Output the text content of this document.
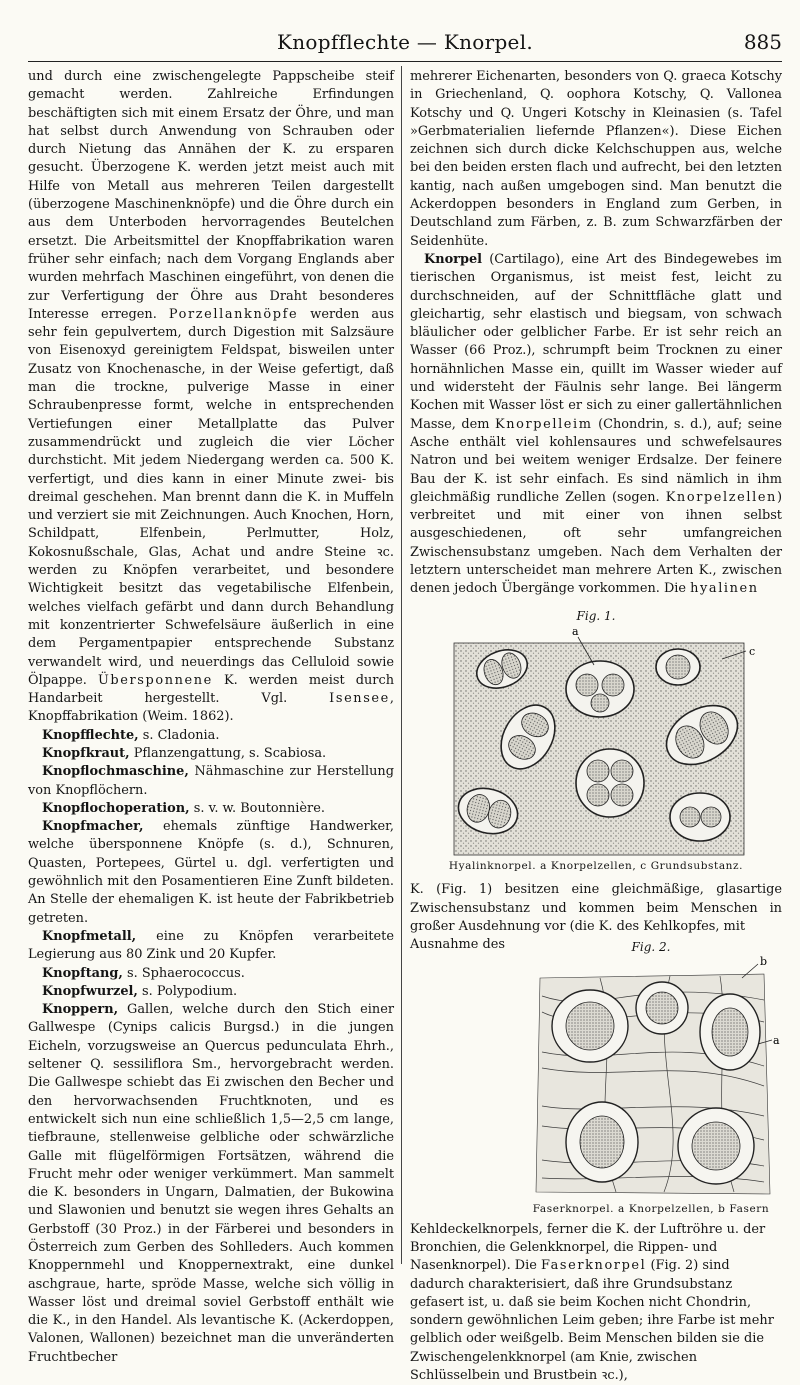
Knopfflechte — Knorpel.	885

und durch eine zwischengelegte Pappscheibe steif gemacht werden. Zahlreiche Erfindungen beschäftigten sich mit einem Ersatz der Öhre, und man hat selbst durch Anwendung von Schrauben oder durch Nietung das Annähen der K. zu ersparen gesucht. Überzogene K. werden jetzt meist auch mit Hilfe von Metall aus mehreren Teilen dargestellt (überzogene Maschinenknöpfe) und die Öhre durch ein aus dem Unterboden hervorragendes Beutelchen ersetzt. Die Arbeitsmittel der Knopffabrikation waren früher sehr einfach; nach dem Vorgang Englands aber wurden mehrfach Maschinen eingeführt, von denen die zur Verfertigung der Öhre aus Draht besonderes Interesse erregen. Porzellanknöpfe werden aus sehr fein gepulvertem, durch Digestion mit Salzsäure von Eisenoxyd gereinigtem Feldspat, bisweilen unter Zusatz von Knochenasche, in der Weise gefertigt, daß man die trockne, pulverige Masse in einer Schraubenpresse formt, welche in entsprechenden Vertiefungen einer Metallplatte das Pulver zusammendrückt und zugleich die vier Löcher durchsticht. Mit jedem Niedergang werden ca. 500 K. verfertigt, und dies kann in einer Minute zwei- bis dreimal geschehen. Man brennt dann die K. in Muffeln und verziert sie mit Zeichnungen. Auch Knochen, Horn, Schildpatt, Elfenbein, Perlmutter, Holz, Kokosnußschale, Glas, Achat und andre Steine ꝛc. werden zu Knöpfen verarbeitet, und besondere Wichtigkeit besitzt das vegetabilische Elfenbein, welches vielfach gefärbt und dann durch Behandlung mit konzentrierter Schwefelsäure äußerlich in eine dem Pergamentpapier entsprechende Substanz verwandelt wird, und neuerdings das Celluloid sowie Ölpappe. Übersponnene K. werden meist durch Handarbeit hergestellt. Vgl. Isensee, Knopffabrikation (Weim. 1862).

Knopfflechte, s. Cladonia.

Knopfkraut, Pflanzengattung, s. Scabiosa.

Knopflochmaschine, Nähmaschine zur Herstellung von Knopflöchern.

Knopflochoperation, s. v. w. Boutonnière.

Knopfmacher, ehemals zünftige Handwerker, welche übersponnene Knöpfe (s. d.), Schnuren, Quasten, Portepees, Gürtel u. dgl. verfertigten und gewöhnlich mit den Posamentieren Eine Zunft bildeten. An Stelle der ehemaligen K. ist heute der Fabrikbetrieb getreten.

Knopfmetall, eine zu Knöpfen verarbeitete Legierung aus 80 Zink und 20 Kupfer.

Knopftang, s. Sphaerococcus.

Knopfwurzel, s. Polypodium.

Knoppern, Gallen, welche durch den Stich einer Gallwespe (Cynips calicis Burgsd.) in die jungen Eicheln, vorzugsweise an Quercus pedunculata Ehrh., seltener Q. sessiliflora Sm., hervorgebracht werden. Die Gallwespe schiebt das Ei zwischen den Becher und den hervorwachsenden Fruchtknoten, und es entwickelt sich nun eine schließlich 1,5—2,5 cm lange, tiefbraune, stellenweise gelbliche oder schwärzliche Galle mit flügelförmigen Fortsätzen, während die Frucht mehr oder weniger verkümmert. Man sammelt die K. besonders in Ungarn, Dalmatien, der Bukowina und Slawonien und benutzt sie wegen ihres Gehalts an Gerbstoff (30 Proz.) in der Färberei und besonders in Österreich zum Gerben des Sohlleders. Auch kommen Knoppernmehl und Knoppernextrakt, eine dunkel aschgraue, harte, spröde Masse, welche sich völlig in Wasser löst und dreimal soviel Gerbstoff enthält wie die K., in den Handel. Als levantische K. (Ackerdoppen, Valonen, Wallonen) bezeichnet man die unveränderten Fruchtbecher

mehrerer Eichenarten, besonders von Q. graeca Kotschy in Griechenland, Q. oophora Kotschy, Q. Vallonea Kotschy und Q. Ungeri Kotschy in Kleinasien (s. Tafel »Gerbmaterialien liefernde Pflanzen«). Diese Eichen zeichnen sich durch dicke Kelchschuppen aus, welche bei den beiden ersten flach und aufrecht, bei den letzten kantig, nach außen umgebogen sind. Man benutzt die Ackerdoppen besonders in England zum Gerben, in Deutschland zum Färben, z. B. zum Schwarzfärben der Seidenhüte.

Knorpel (Cartilago), eine Art des Bindegewebes im tierischen Organismus, ist meist fest, leicht zu durchschneiden, auf der Schnittfläche glatt und gleichartig, sehr elastisch und biegsam, von schwach bläulicher oder gelblicher Farbe. Er ist sehr reich an Wasser (66 Proz.), schrumpft beim Trocknen zu einer hornähnlichen Masse ein, quillt im Wasser wieder auf und widersteht der Fäulnis sehr lange. Bei längerm Kochen mit Wasser löst er sich zu einer gallertähnlichen Masse, dem Knorpelleim (Chondrin, s. d.), auf; seine Asche enthält viel kohlensaures und schwefelsaures Natron und bei weitem weniger Erdsalze. Der feinere Bau der K. ist sehr einfach. Es sind nämlich in ihm gleichmäßig rundliche Zellen (sogen. Knorpelzellen) verbreitet und mit einer von ihnen selbst ausgeschiedenen, oft sehr umfangreichen Zwischensubstanz umgeben. Nach dem Verhalten der letztern unterscheidet man mehrere Arten K., zwischen denen jedoch Übergänge vorkommen. Die hyalinen

Fig. 1.
a
c
Hyalinknorpel. a Knorpelzellen, c Grundsubstanz.

K. (Fig. 1) besitzen eine gleichmäßige, glasartige Zwischensubstanz und kommen beim Menschen in großer Ausdehnung vor (die K. des Kehlkopfes, mit

Fig. 2.
b
a
Faserknorpel. a Knorpelzellen, b Fasern

Ausnahme des Kehldeckelknorpels, ferner die K. der Luftröhre u. der Bronchien, die Gelenkknorpel, die Rippen- und Nasenknorpel). Die Faserknorpel (Fig. 2) sind dadurch charakterisiert, daß ihre Grundsubstanz gefasert ist, u. daß sie beim Kochen nicht Chondrin, sondern gewöhnlichen Leim geben; ihre Farbe ist mehr gelblich oder weißgelb. Beim Menschen bilden sie die Zwischengelenkknorpel (am Knie, zwischen Schlüsselbein und Brustbein ꝛc.),
